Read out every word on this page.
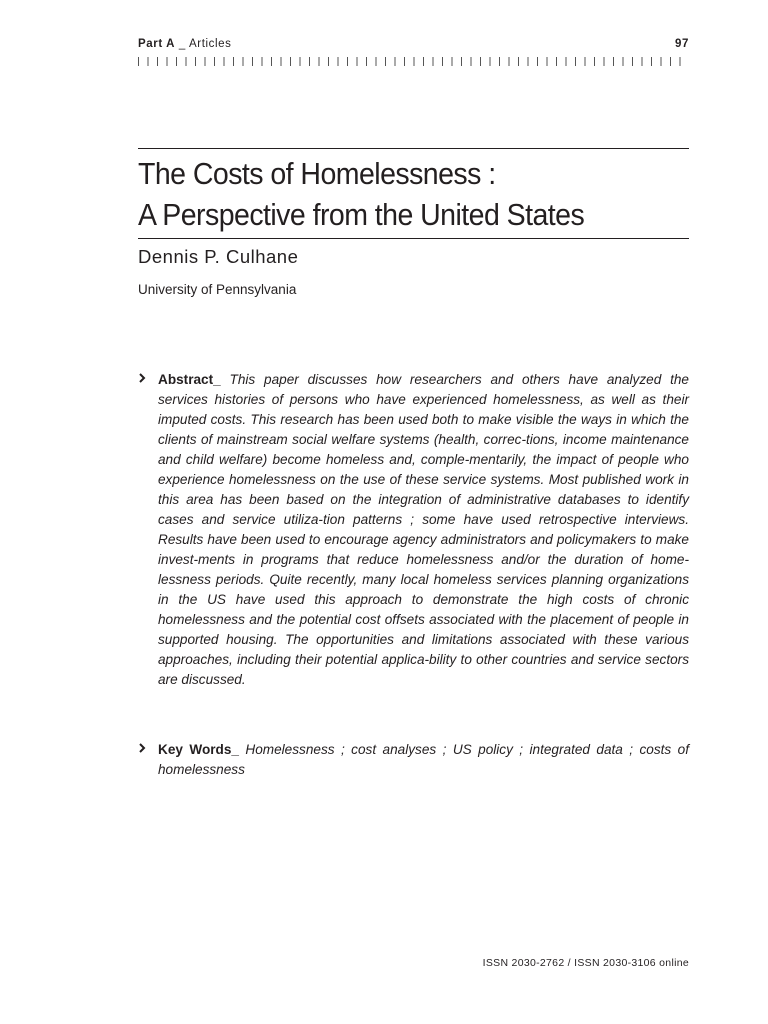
Part A _ Articles	97
The Costs of Homelessness :
A Perspective from the United States
Dennis P. Culhane
University of Pennsylvania
Abstract_ This paper discusses how researchers and others have analyzed the services histories of persons who have experienced homelessness, as well as their imputed costs. This research has been used both to make visible the ways in which the clients of mainstream social welfare systems (health, correc-tions, income maintenance and child welfare) become homeless and, comple-mentarily, the impact of people who experience homelessness on the use of these service systems. Most published work in this area has been based on the integration of administrative databases to identify cases and service utiliza-tion patterns ; some have used retrospective interviews. Results have been used to encourage agency administrators and policymakers to make invest-ments in programs that reduce homelessness and/or the duration of home-lessness periods. Quite recently, many local homeless services planning organizations in the US have used this approach to demonstrate the high costs of chronic homelessness and the potential cost offsets associated with the placement of people in supported housing. The opportunities and limitations associated with these various approaches, including their potential applica-bility to other countries and service sectors are discussed.
Key Words_ Homelessness ; cost analyses ; US policy ; integrated data ; costs of homelessness
ISSN 2030-2762 / ISSN 2030-3106 online
